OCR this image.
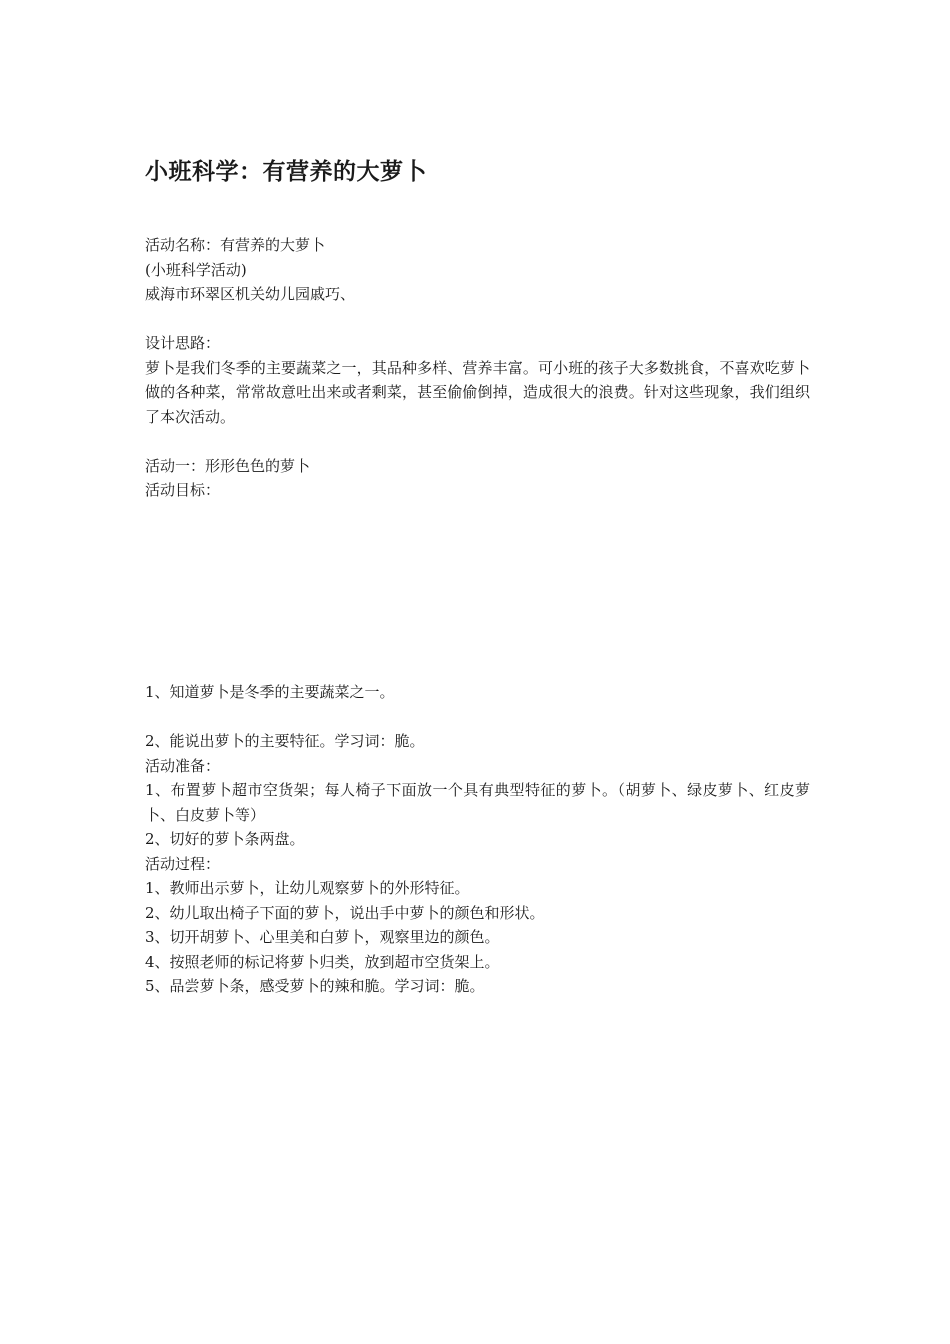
小班科学：有营养的大萝卜
活动名称：有营养的大萝卜
(小班科学活动)
威海市环翠区机关幼儿园戚巧、
设计思路：
萝卜是我们冬季的主要蔬菜之一，其品种多样、营养丰富。可小班的孩子大多数挑食，不喜欢吃萝卜做的各种菜，常常故意吐出来或者剩菜，甚至偷偷倒掉，造成很大的浪费。针对这些现象，我们组织了本次活动。
活动一：形形色色的萝卜
活动目标：
1、知道萝卜是冬季的主要蔬菜之一。
2、能说出萝卜的主要特征。学习词：脆。
活动准备：
1、布置萝卜超市空货架；每人椅子下面放一个具有典型特征的萝卜。（胡萝卜、绿皮萝卜、红皮萝卜、白皮萝卜等）
2、切好的萝卜条两盘。
活动过程：
1、教师出示萝卜，让幼儿观察萝卜的外形特征。
2、幼儿取出椅子下面的萝卜，说出手中萝卜的颜色和形状。
3、切开胡萝卜、心里美和白萝卜，观察里边的颜色。
4、按照老师的标记将萝卜归类，放到超市空货架上。
5、品尝萝卜条，感受萝卜的辣和脆。学习词：脆。
